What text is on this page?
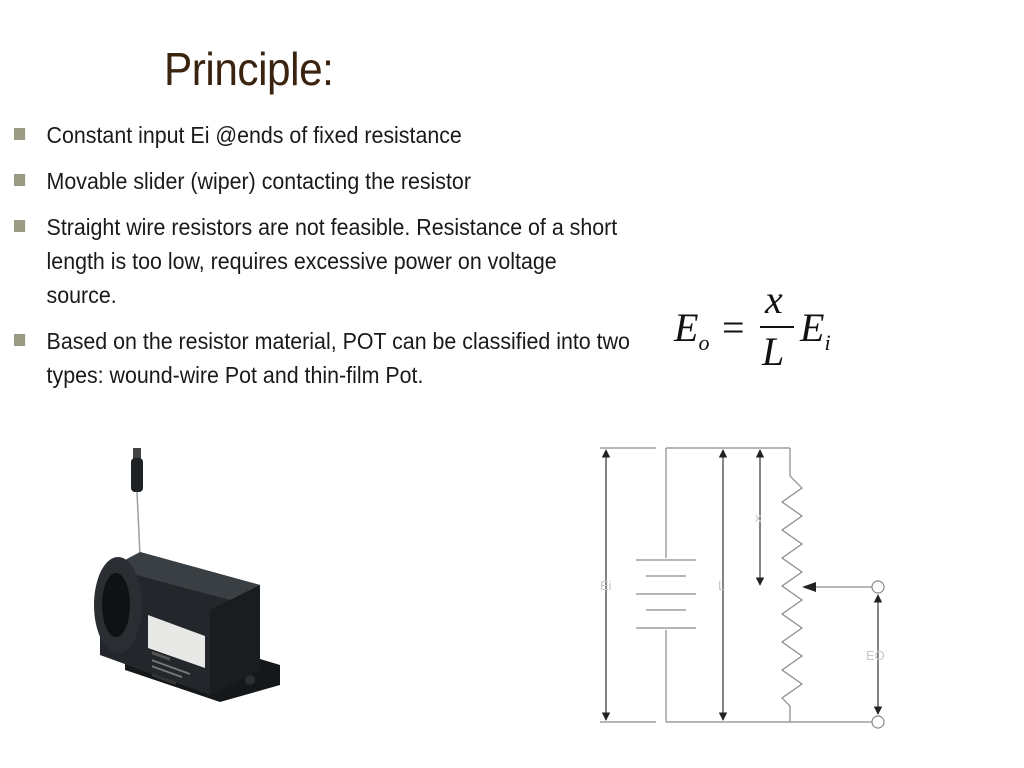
Principle:
Constant input Ei @ends of fixed resistance
Movable slider (wiper) contacting the resistor
Straight wire resistors are not feasible. Resistance of a short length is too low, requires excessive power on voltage source.
Based on the resistor material, POT can be classified into two types: wound-wire Pot and thin-film Pot.
$E_o$ =
x
L
$E_i$
Ei	L
x
EO
